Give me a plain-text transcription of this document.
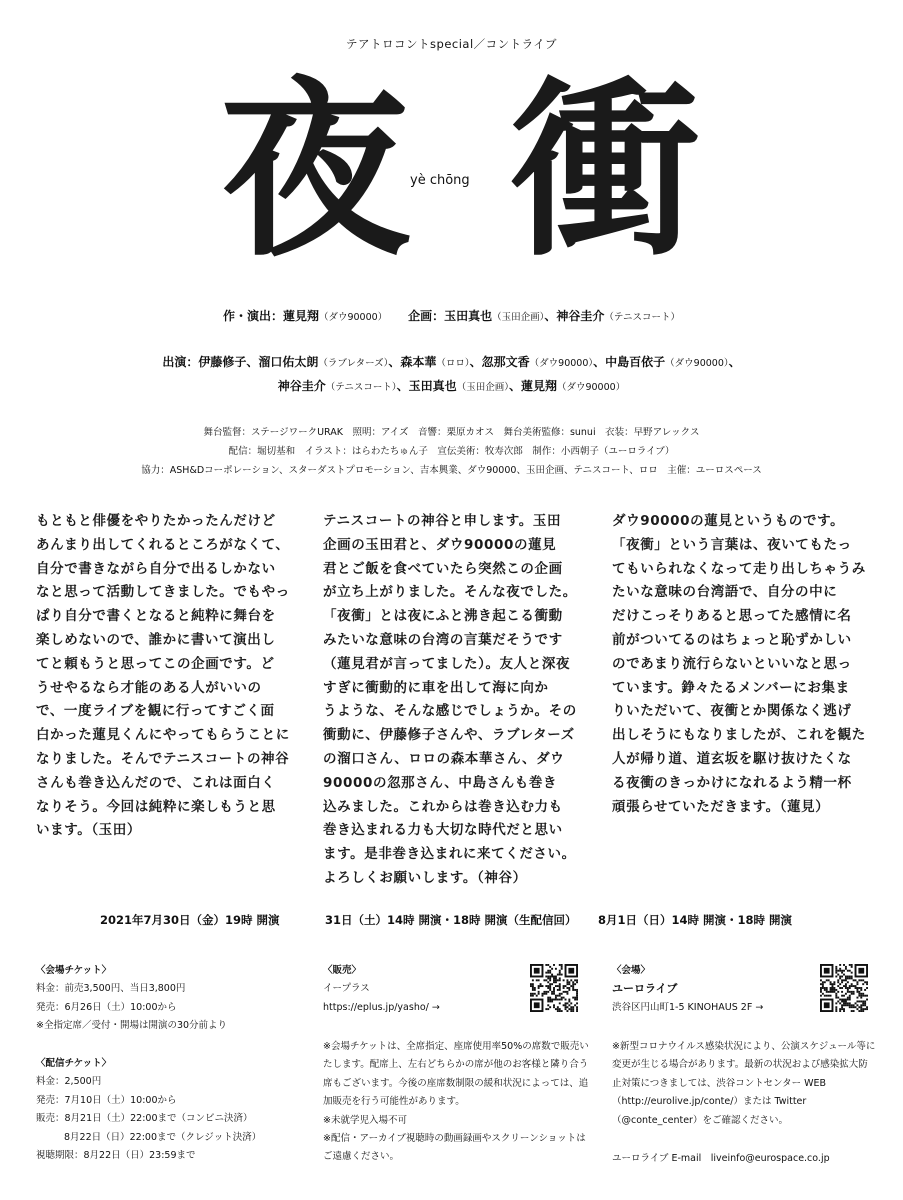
テアトロコントspecial／コントライブ
夜 衝
yè chōng
作・演出：蓮見翔（ダウ90000） 企画：玉田真也（玉田企画）、神谷圭介（テニスコート）
出演：伊藤修子、溜口佑太朗（ラブレターズ）、森本華（ロロ）、忽那文香（ダウ90000）、中島百依子（ダウ90000）、
神谷圭介（テニスコート）、玉田真也（玉田企画）、蓮見翔（ダウ90000）
舞台監督：ステージワークURAK　照明：アイズ　音響：栗原カオス　舞台美術監修：sunui　衣装：早野アレックス
配信：堀切基和　イラスト：はらわたちゅん子　宣伝美術：牧寿次郎　制作：小西朝子（ユーロライブ）
協力：ASH&Dコーポレーション、スターダストプロモーション、吉本興業、ダウ90000、玉田企画、テニスコート、ロロ　主催：ユーロスペース
もともと俳優をやりたかったんだけど
あんまり出してくれるところがなくて、
自分で書きながら自分で出るしかない
なと思って活動してきました。でもやっ
ぱり自分で書くとなると純粋に舞台を
楽しめないので、誰かに書いて演出し
てと頼もうと思ってこの企画です。ど
うせやるなら才能のある人がいいの
で、一度ライブを観に行ってすごく面
白かった蓮見くんにやってもらうことに
なりました。そんでテニスコートの神谷
さんも巻き込んだので、これは面白く
なりそう。今回は純粋に楽しもうと思
います。（玉田）
テニスコートの神谷と申します。玉田
企画の玉田君と、ダウ90000の蓮見
君とご飯を食べていたら突然この企画
が立ち上がりました。そんな夜でした。
「夜衝」とは夜にふと沸き起こる衝動
みたいな意味の台湾の言葉だそうです
（蓮見君が言ってました）。友人と深夜
すぎに衝動的に車を出して海に向か
うような、そんな感じでしょうか。その
衝動に、伊藤修子さんや、ラブレターズ
の溜口さん、ロロの森本華さん、ダウ
90000の忽那さん、中島さんも巻き
込みました。これからは巻き込む力も
巻き込まれる力も大切な時代だと思い
ます。是非巻き込まれに来てください。
よろしくお願いします。（神谷）
ダウ90000の蓮見というものです。
「夜衝」という言葉は、夜いてもたっ
てもいられなくなって走り出しちゃうみ
たいな意味の台湾語で、自分の中に
だけこっそりあると思ってた感情に名
前がついてるのはちょっと恥ずかしい
のであまり流行らないといいなと思っ
ています。錚々たるメンバーにお集ま
りいただいて、夜衝とか関係なく逃げ
出しそうにもなりましたが、これを観た
人が帰り道、道玄坂を駆け抜けたくな
る夜衝のきっかけになれるよう精一杯
頑張らせていただきます。（蓮見）
2021年7月30日（金）19時 開演	31日（土）14時 開演・18時 開演（生配信回） 8月1日（日）14時 開演・18時 開演
〈会場チケット〉
料金：前売3,500円、当日3,800円
発売：6月26日（土）10:00から
※全指定席／受付・開場は開演の30分前より
〈配信チケット〉
料金：2,500円
発売：7月10日（土）10:00から
販売：8月21日（土）22:00まで（コンビニ決済）
8月22日（日）22:00まで（クレジット決済）
視聴期限：8月22日（日）23:59まで
〈販売〉
イープラス
https://eplus.jp/yasho/ →
※会場チケットは、全席指定、座席使用率50%の席数で販売いたします。配席上、左右どちらかの席が他のお客様と隣り合う席もございます。今後の座席数制限の緩和状況によっては、追加販売を行う可能性があります。
※未就学児入場不可
※配信・アーカイブ視聴時の動画録画やスクリーンショットはご遠慮ください。
〈会場〉
ユーロライブ
渋谷区円山町1-5 KINOHAUS 2F →
※新型コロナウイルス感染状況により、公演スケジュール等に変更が生じる場合があります。最新の状況および感染拡大防止対策につきましては、渋谷コントセンター WEB（http://eurolive.jp/conte/）または Twitter（@conte_center）をご確認ください。
ユーロライブ E-mail　liveinfo@eurospace.co.jp
